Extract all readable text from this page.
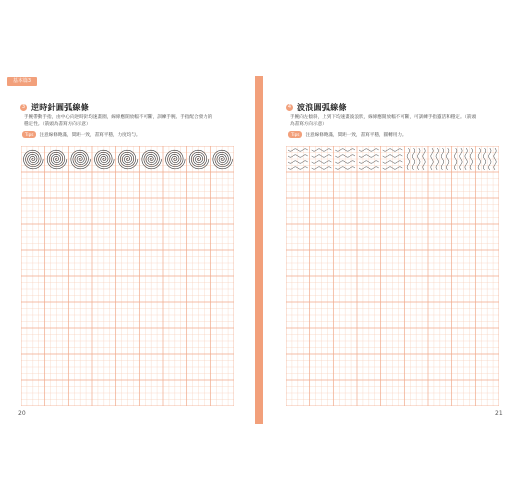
基本篇3
3 逆時針圓弧線條
手腕帶動手指，由中心向逆時針均速畫圈，線條應開放幅不可斷，訓練手腕、手指配合發力的
穩定性。（箭頭為書寫方向示意）
Tips	注意線條飽滿，間距一致，書寫平穩，力度均勻。
20
4 波浪圓弧線條
手腕向左傾斜，上到下均速畫波浪狀，線條應開放幅不可斷，可訓練手指靈活和穩定。（箭頭
為書寫方向示意）
Tips	注意線條飽滿，間距一致，書寫平穩，圓轉用力。
21
